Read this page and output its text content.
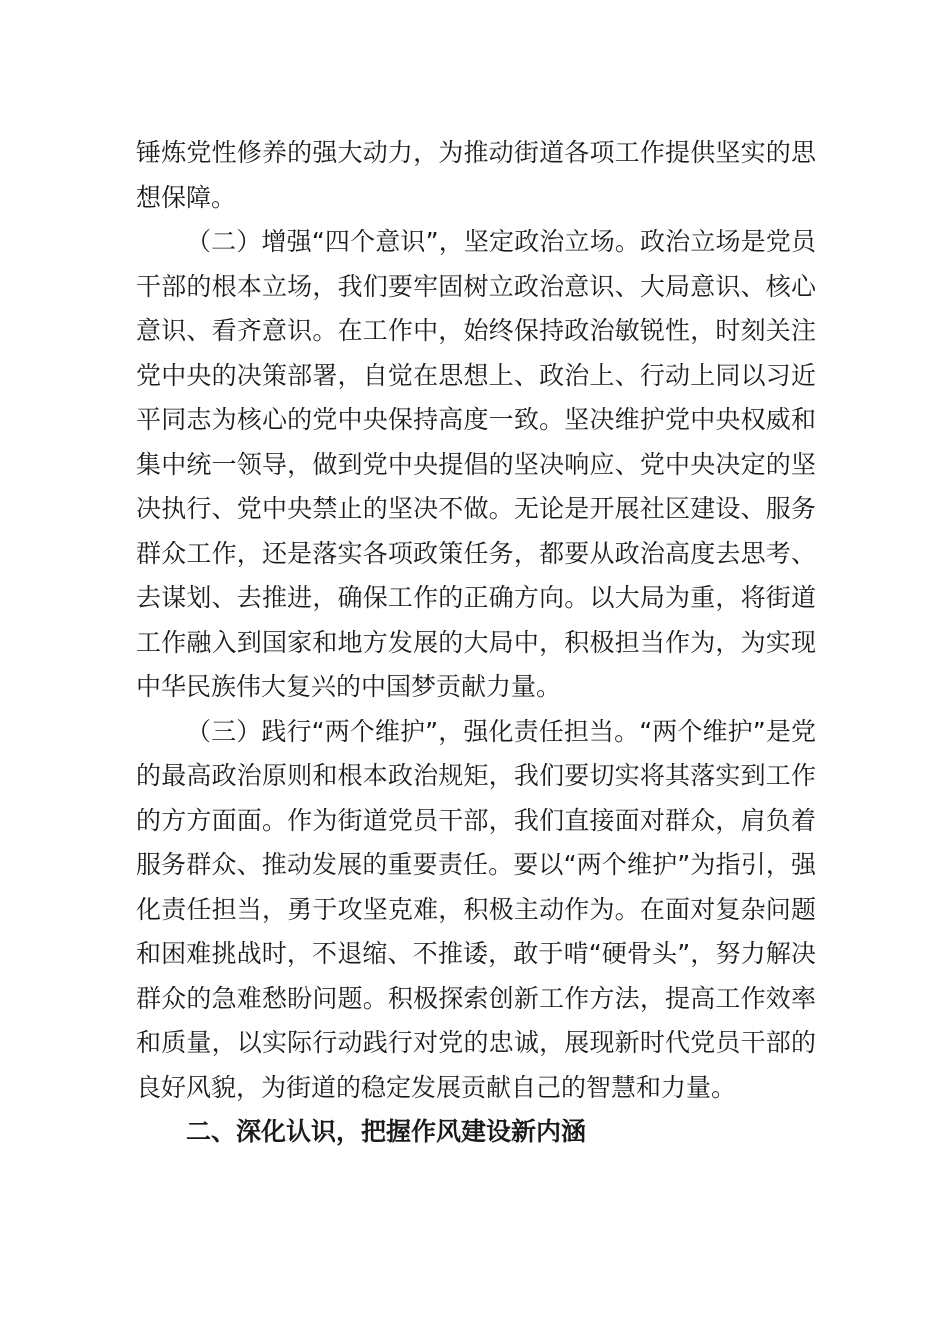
锤炼党性修养的强大动力，为推动街道各项工作提供坚实的思想保障。

（二）增强“四个意识”，坚定政治立场。政治立场是党员干部的根本立场，我们要牢固树立政治意识、大局意识、核心意识、看齐意识。在工作中，始终保持政治敏锐性，时刻关注党中央的决策部署，自觉在思想上、政治上、行动上同以习近平同志为核心的党中央保持高度一致。坚决维护党中央权威和集中统一领导，做到党中央提倡的坚决响应、党中央决定的坚决执行、党中央禁止的坚决不做。无论是开展社区建设、服务群众工作，还是落实各项政策任务，都要从政治高度去思考、去谋划、去推进，确保工作的正确方向。以大局为重，将街道工作融入到国家和地方发展的大局中，积极担当作为，为实现中华民族伟大复兴的中国梦贡献力量。

（三）践行“两个维护”，强化责任担当。“两个维护”是党的最高政治原则和根本政治规矩，我们要切实将其落实到工作的方方面面。作为街道党员干部，我们直接面对群众，肩负着服务群众、推动发展的重要责任。要以“两个维护”为指引，强化责任担当，勇于攻坚克难，积极主动作为。在面对复杂问题和困难挑战时，不退缩、不推诿，敢于啃“硬骨头”，努力解决群众的急难愁盼问题。积极探索创新工作方法，提高工作效率和质量，以实际行动践行对党的忠诚，展现新时代党员干部的良好风貌，为街道的稳定发展贡献自己的智慧和力量。

二、深化认识，把握作风建设新内涵
